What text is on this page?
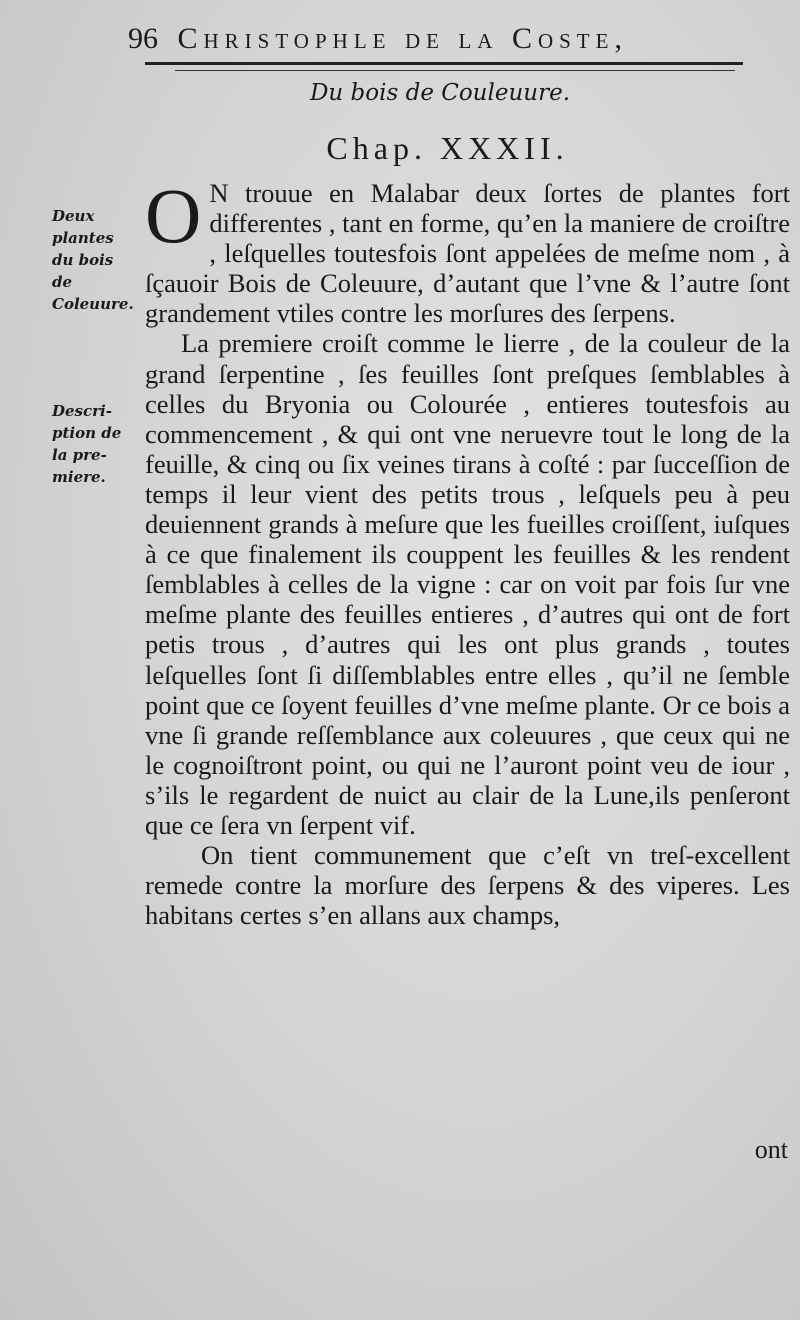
96 Christophle de la Coste,
Du bois de Couleuure.
Chap. XXXII.
Deux plantes du bois de Coleuure.
Descri- ption de la pre- miere.

O N trouue en Malabar deux ſortes de plantes fort differentes , tant en forme, qu’en la maniere de croiſtre , leſquelles toutesfois ſont appelées de meſme nom , à ſçauoir Bois de Coleuure, d’autant que l’vne & l’autre ſont grandement vtiles contre les morſures des ſerpens.

La premiere croiſt comme le lierre , de la couleur de la grand ſerpentine , ſes feuilles ſont preſques ſemblables à celles du Bryonia ou Colourée , entieres toutesfois au commencement , & qui ont vne neruevre tout le long de la feuille, & cinq ou ſix veines tirans à coſté : par ſucceſſion de temps il leur vient des petits trous , leſquels peu à peu deuiennent grands à meſure que les fueilles croiſſent, iuſques à ce que finalement ils couppent les feuilles & les rendent ſemblables à celles de la vigne : car on voit par fois ſur vne meſme plante des feuilles entieres , d’autres qui ont de fort petis trous , d’autres qui les ont plus grands , toutes leſquelles ſont ſi diſſemblables entre elles , qu’il ne ſemble point que ce ſoyent feuilles d’vne meſme plante. Or ce bois a vne ſi grande reſſemblance aux coleuures , que ceux qui ne le cognoiſtront point, ou qui ne l’auront point veu de iour , s’ils le regardent de nuict au clair de la Lune,ils penſeront que ce ſera vn ſerpent vif.

On tient communement que c’eſt vn treſ-excellent remede contre la morſure des ſerpens & des viperes. Les habitans certes s’en allans aux champs,

ont
